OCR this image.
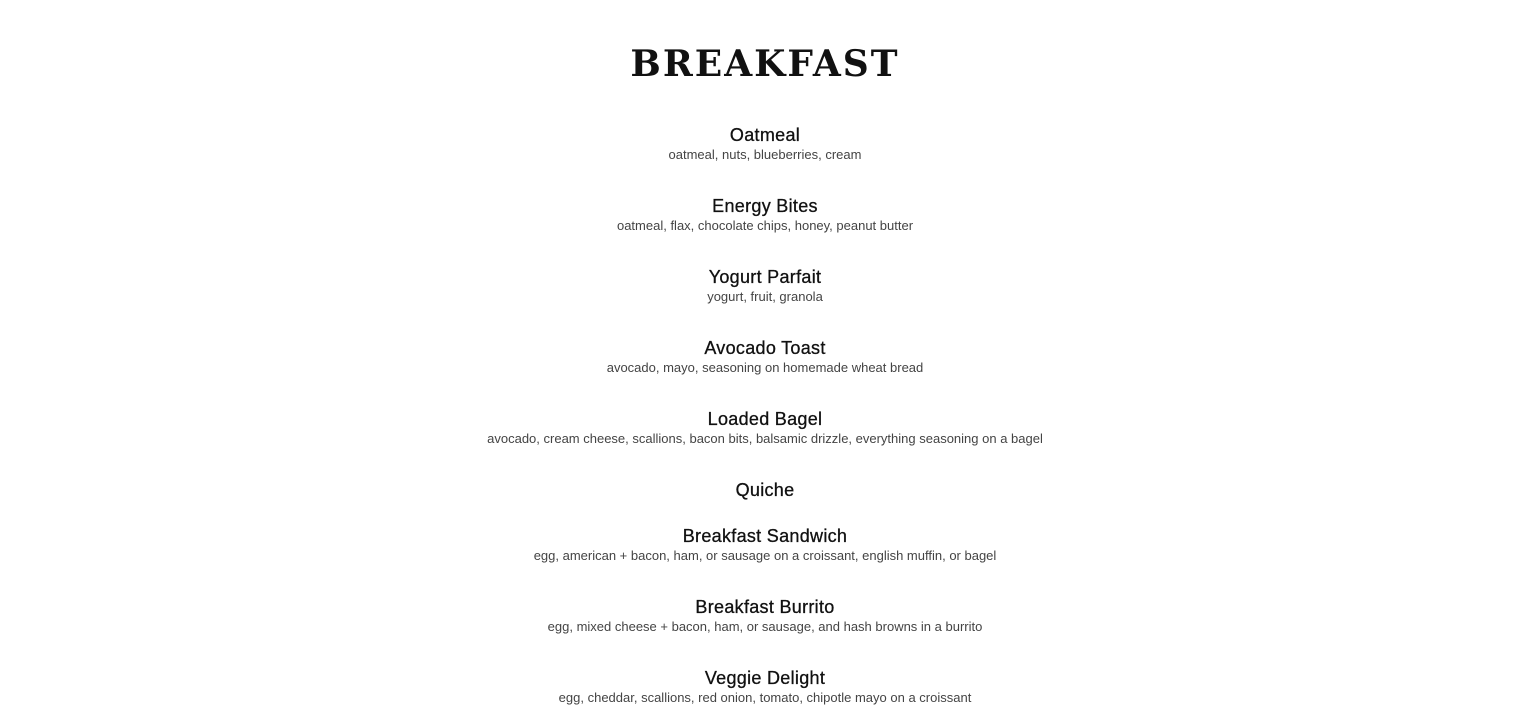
BREAKFAST
Oatmeal
oatmeal, nuts, blueberries, cream
Energy Bites
oatmeal, flax, chocolate chips, honey, peanut butter
Yogurt Parfait
yogurt, fruit, granola
Avocado Toast
avocado, mayo, seasoning on homemade wheat bread
Loaded Bagel
avocado, cream cheese, scallions, bacon bits, balsamic drizzle, everything seasoning on a bagel
Quiche
Breakfast Sandwich
egg, american + bacon, ham, or sausage on a croissant, english muffin, or bagel
Breakfast Burrito
egg, mixed cheese + bacon, ham, or sausage, and hash browns in a burrito
Veggie Delight
egg, cheddar, scallions, red onion, tomato, chipotle mayo on a croissant
